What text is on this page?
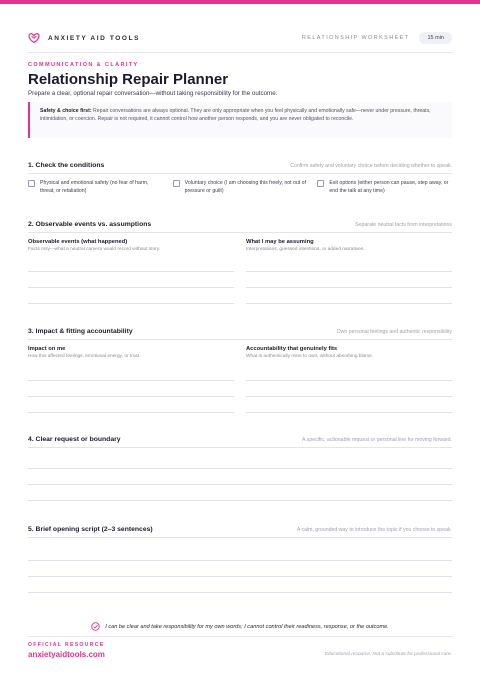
ANXIETY AID TOOLS	RELATIONSHIP WORKSHEET	15 min
COMMUNICATION & CLARITY
Relationship Repair Planner
Prepare a clear, optional repair conversation—without taking responsibility for the outcome.
Safety & choice first: Repair conversations are always optional. They are only appropriate when you feel physically and emotionally safe—never under pressure, threats, intimidation, or coercion. Repair is not required, it cannot control how another person responds, and you are never obligated to reconcile.
1. Check the conditions	Confirm safety and voluntary choice before deciding whether to speak.
Physical and emotional safety (no fear of harm, threat, or retaliation)
Voluntary choice (I am choosing this freely, not out of pressure or guilt)
Exit options (either person can pause, step away, or end the talk at any time)
2. Observable events vs. assumptions	Separate neutral facts from interpretations
Observable events (what happened)
Facts only—what a neutral camera would record without story.
What I may be assuming
Interpretations, guessed intentions, or added narratives.
3. Impact & fitting accountability	Own personal feelings and authentic responsibility
Impact on me
How this affected feelings, emotional energy, or trust.
Accountability that genuinely fits
What is authentically mine to own, without absorbing blame.
4. Clear request or boundary	A specific, actionable request or personal line for moving forward.
5. Brief opening script (2–3 sentences)	A calm, grounded way to introduce the topic if you choose to speak.
I can be clear and take responsibility for my own words; I cannot control their readiness, response, or the outcome.
OFFICIAL RESOURCE
anxietyaidtools.com	Educational resource. Not a substitute for professional care.
